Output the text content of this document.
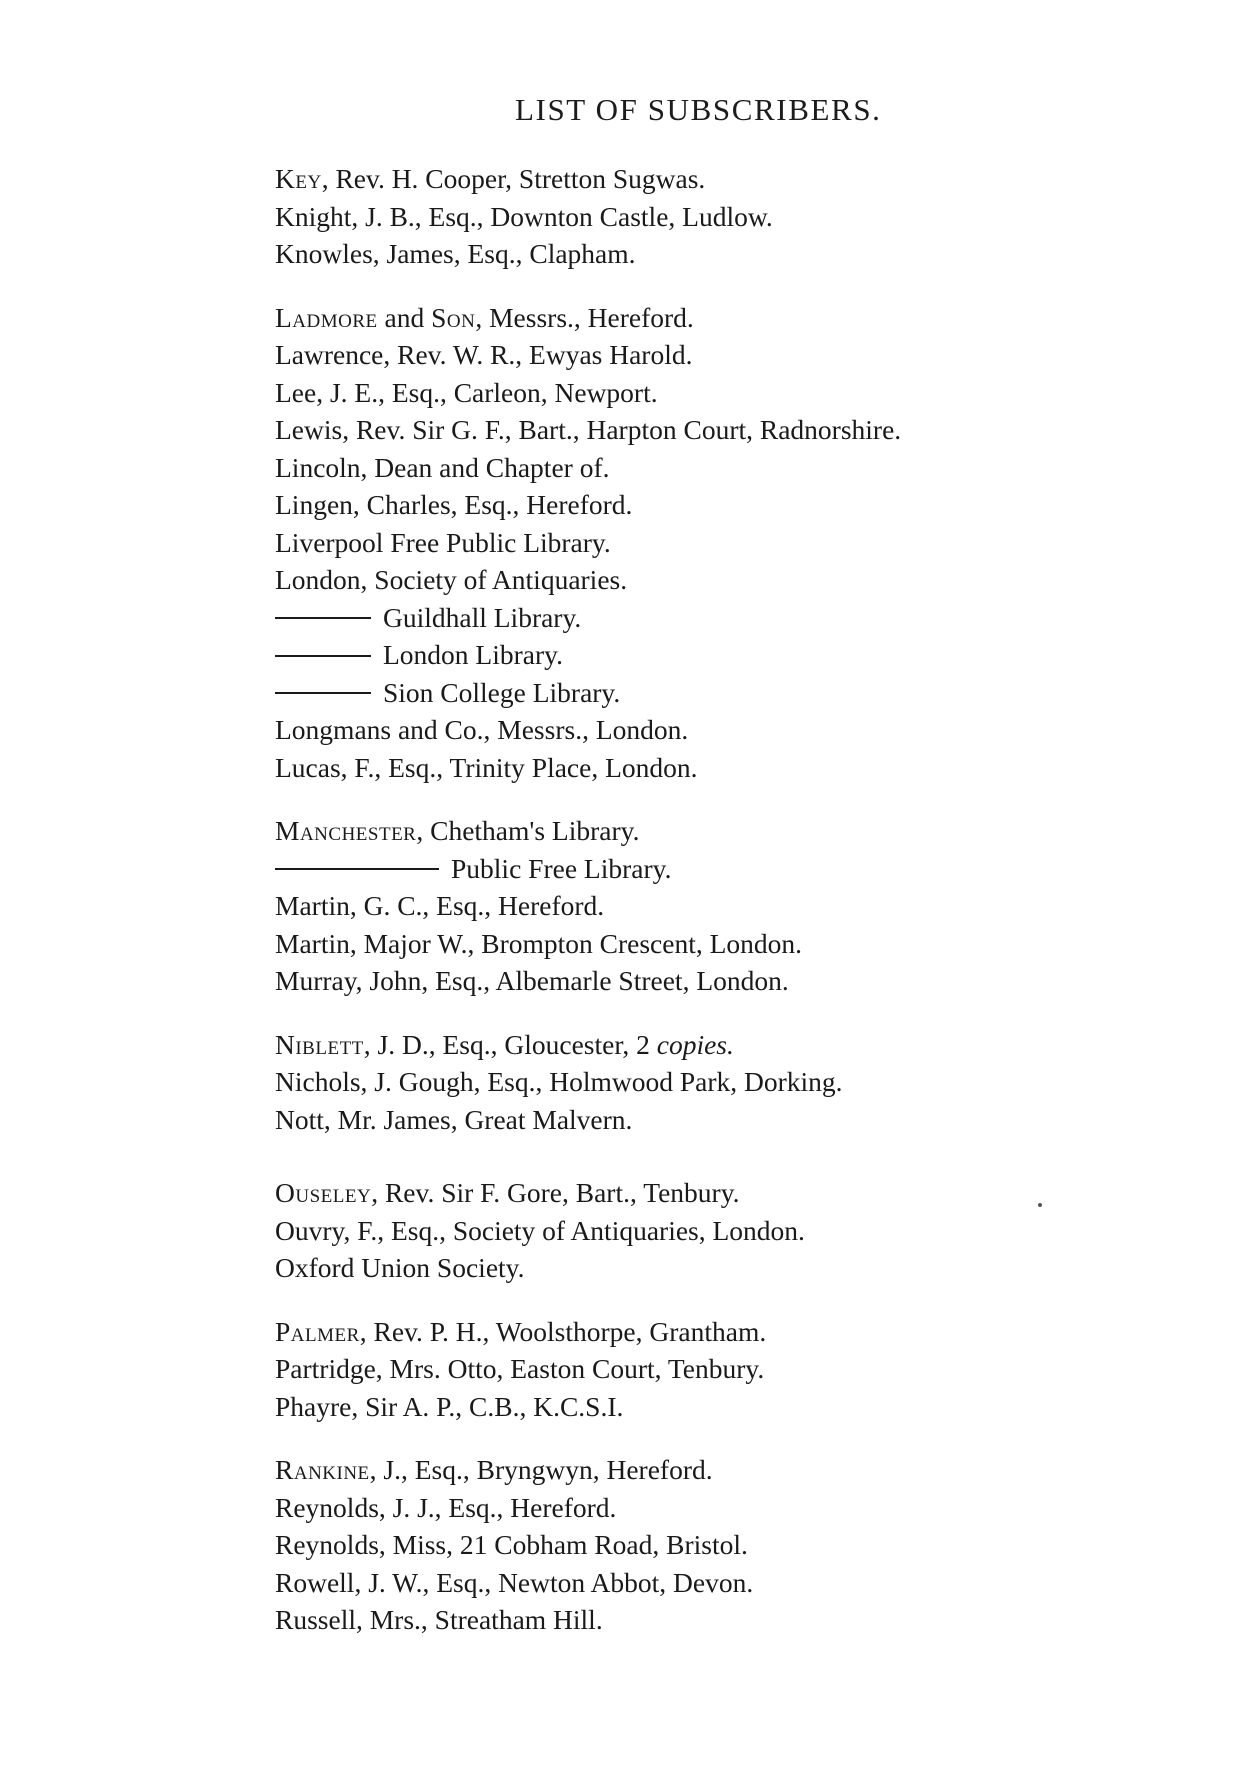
LIST OF SUBSCRIBERS.
Key, Rev. H. Cooper, Stretton Sugwas.
Knight, J. B., Esq., Downton Castle, Ludlow.
Knowles, James, Esq., Clapham.
Ladmore and Son, Messrs., Hereford.
Lawrence, Rev. W. R., Ewyas Harold.
Lee, J. E., Esq., Carleon, Newport.
Lewis, Rev. Sir G. F., Bart., Harpton Court, Radnorshire.
Lincoln, Dean and Chapter of.
Lingen, Charles, Esq., Hereford.
Liverpool Free Public Library.
London, Society of Antiquaries.
Guildhall Library.
London Library.
Sion College Library.
Longmans and Co., Messrs., London.
Lucas, F., Esq., Trinity Place, London.
Manchester, Chetham's Library.
Public Free Library.
Martin, G. C., Esq., Hereford.
Martin, Major W., Brompton Crescent, London.
Murray, John, Esq., Albemarle Street, London.
Niblett, J. D., Esq., Gloucester, 2 copies.
Nichols, J. Gough, Esq., Holmwood Park, Dorking.
Nott, Mr. James, Great Malvern.
Ouseley, Rev. Sir F. Gore, Bart., Tenbury.
Ouvry, F., Esq., Society of Antiquaries, London.
Oxford Union Society.
Palmer, Rev. P. H., Woolsthorpe, Grantham.
Partridge, Mrs. Otto, Easton Court, Tenbury.
Phayre, Sir A. P., C.B., K.C.S.I.
Rankine, J., Esq., Bryngwyn, Hereford.
Reynolds, J. J., Esq., Hereford.
Reynolds, Miss, 21 Cobham Road, Bristol.
Rowell, J. W., Esq., Newton Abbot, Devon.
Russell, Mrs., Streatham Hill.
